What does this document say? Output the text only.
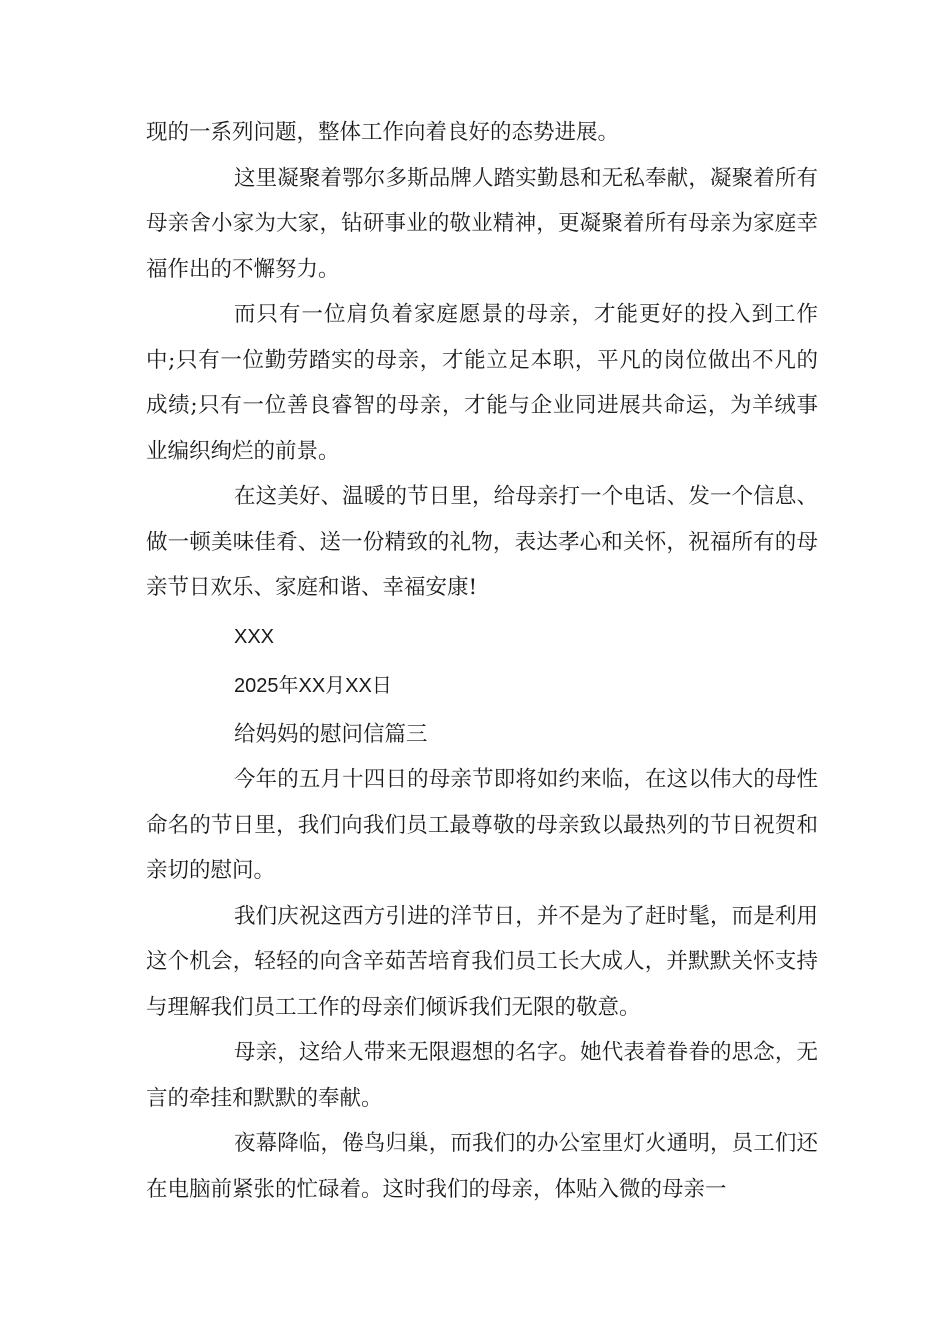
现的一系列问题，整体工作向着良好的态势进展。

这里凝聚着鄂尔多斯品牌人踏实勤恳和无私奉献，凝聚着所有母亲舍小家为大家，钻研事业的敬业精神，更凝聚着所有母亲为家庭幸福作出的不懈努力。

而只有一位肩负着家庭愿景的母亲，才能更好的投入到工作中;只有一位勤劳踏实的母亲，才能立足本职，平凡的岗位做出不凡的成绩;只有一位善良睿智的母亲，才能与企业同进展共命运，为羊绒事业编织绚烂的前景。

在这美好、温暖的节日里，给母亲打一个电话、发一个信息、做一顿美味佳肴、送一份精致的礼物，表达孝心和关怀，祝福所有的母亲节日欢乐、家庭和谐、幸福安康!

XXX

2025年XX月XX日

给妈妈的慰问信篇三

今年的五月十四日的母亲节即将如约来临，在这以伟大的母性命名的节日里，我们向我们员工最尊敬的母亲致以最热列的节日祝贺和亲切的慰问。

我们庆祝这西方引进的洋节日，并不是为了赶时髦，而是利用这个机会，轻轻的向含辛茹苦培育我们员工长大成人，并默默关怀支持与理解我们员工工作的母亲们倾诉我们无限的敬意。

母亲，这给人带来无限遐想的名字。她代表着眷眷的思念，无言的牵挂和默默的奉献。

夜幕降临，倦鸟归巢，而我们的办公室里灯火通明，员工们还在电脑前紧张的忙碌着。这时我们的母亲，体贴入微的母亲一
